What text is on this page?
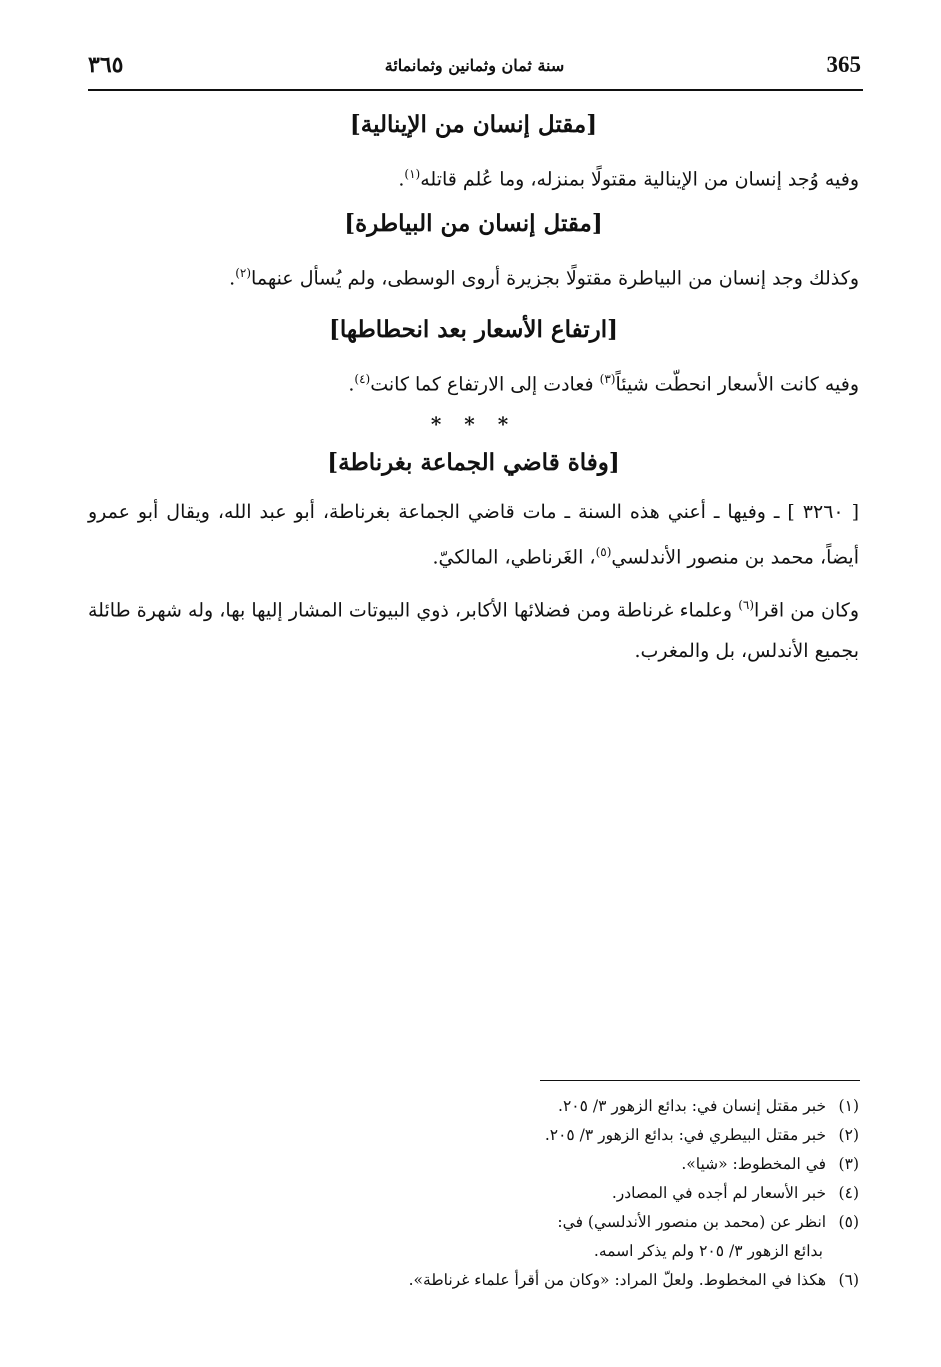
365
سنة ثمان وثمانين وثمانمائة
٣٦٥
[مقتل إنسان من الإينالية]

وفيه وُجد إنسان من الإينالية مقتولًا بمنزله، وما عُلم قاتله$^{(١)}$.

[مقتل إنسان من البياطرة]

وكذلك وجد إنسان من البياطرة مقتولًا بجزيرة أروى الوسطى، ولم يُسأل عنهما$^{(٢)}$.

[ارتفاع الأسعار بعد انحطاطها]

وفيه كانت الأسعار انحطّت شيئاً$^{(٣)}$ فعادت إلى الارتفاع كما كانت$^{(٤)}$.

* * *
[وفاة قاضي الجماعة بغرناطة]

[ ٣٢٦٠ ] ـ وفيها ـ أعني هذه السنة ـ مات قاضي الجماعة بغرناطة، أبو عبد الله، ويقال أبو عمرو أيضاً، محمد بن منصور الأندلسي$^{(٥)}$، الغَرناطي، المالكيّ.

وكان من اقرا$^{(٦)}$ وعلماء غرناطة ومن فضلائها الأكابر، ذوي البيوتات المشار إليها بها، وله شهرة طائلة بجميع الأندلس، بل والمغرب.

(١) خبر مقتل إنسان في: بدائع الزهور ٣/ ٢٠٥.
(٢) خبر مقتل البيطري في: بدائع الزهور ٣/ ٢٠٥.
(٣) في المخطوط: «شيا».
(٤) خبر الأسعار لم أجده في المصادر.
(٥) انظر عن (محمد بن منصور الأندلسي) في:
بدائع الزهور ٣/ ٢٠٥ ولم يذكر اسمه.
(٦) هكذا في المخطوط. ولعلّ المراد: «وكان من أقرأ علماء غرناطة».
